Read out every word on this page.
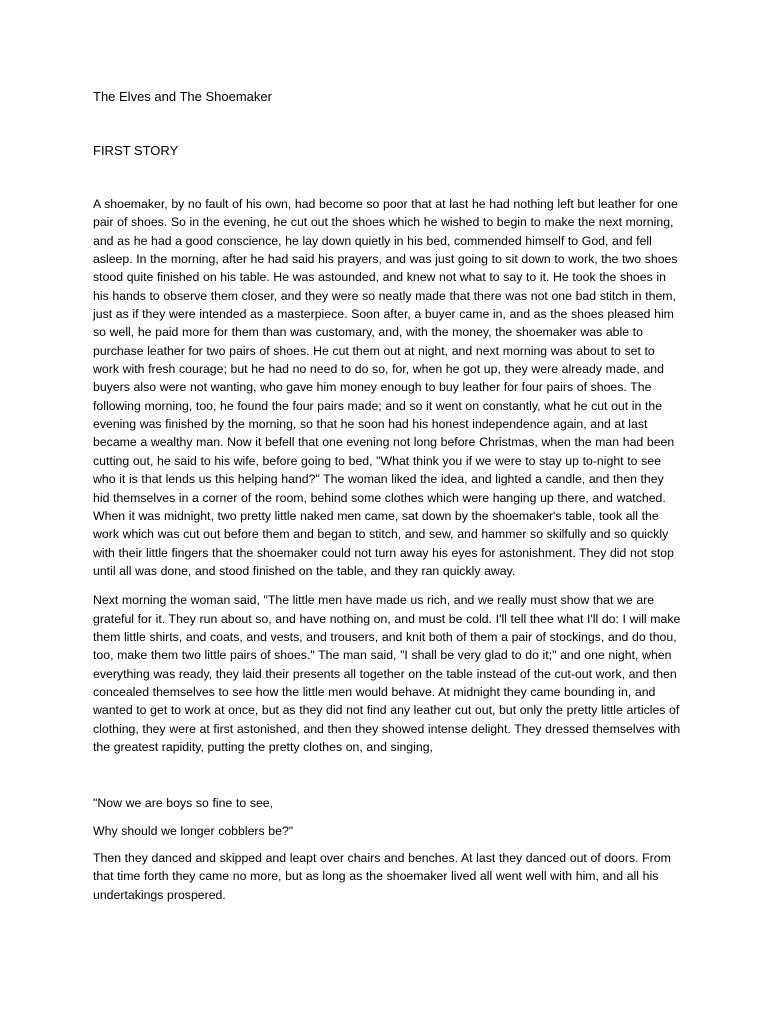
The Elves and The Shoemaker

FIRST STORY

A shoemaker, by no fault of his own, had become so poor that at last he had nothing left but leather for one pair of shoes. So in the evening, he cut out the shoes which he wished to begin to make the next morning, and as he had a good conscience, he lay down quietly in his bed, commended himself to God, and fell asleep. In the morning, after he had said his prayers, and was just going to sit down to work, the two shoes stood quite finished on his table. He was astounded, and knew not what to say to it. He took the shoes in his hands to observe them closer, and they were so neatly made that there was not one bad stitch in them, just as if they were intended as a masterpiece. Soon after, a buyer came in, and as the shoes pleased him so well, he paid more for them than was customary, and, with the money, the shoemaker was able to purchase leather for two pairs of shoes. He cut them out at night, and next morning was about to set to work with fresh courage; but he had no need to do so, for, when he got up, they were already made, and buyers also were not wanting, who gave him money enough to buy leather for four pairs of shoes. The following morning, too, he found the four pairs made; and so it went on constantly, what he cut out in the evening was finished by the morning, so that he soon had his honest independence again, and at last became a wealthy man. Now it befell that one evening not long before Christmas, when the man had been cutting out, he said to his wife, before going to bed, "What think you if we were to stay up to-night to see who it is that lends us this helping hand?" The woman liked the idea, and lighted a candle, and then they hid themselves in a corner of the room, behind some clothes which were hanging up there, and watched. When it was midnight, two pretty little naked men came, sat down by the shoemaker's table, took all the work which was cut out before them and began to stitch, and sew, and hammer so skilfully and so quickly with their little fingers that the shoemaker could not turn away his eyes for astonishment. They did not stop until all was done, and stood finished on the table, and they ran quickly away.

Next morning the woman said, "The little men have made us rich, and we really must show that we are grateful for it. They run about so, and have nothing on, and must be cold. I'll tell thee what I'll do: I will make them little shirts, and coats, and vests, and trousers, and knit both of them a pair of stockings, and do thou, too, make them two little pairs of shoes." The man said, "I shall be very glad to do it;" and one night, when everything was ready, they laid their presents all together on the table instead of the cut-out work, and then concealed themselves to see how the little men would behave. At midnight they came bounding in, and wanted to get to work at once, but as they did not find any leather cut out, but only the pretty little articles of clothing, they were at first astonished, and then they showed intense delight. They dressed themselves with the greatest rapidity, putting the pretty clothes on, and singing,

"Now we are boys so fine to see,

Why should we longer cobblers be?"

Then they danced and skipped and leapt over chairs and benches. At last they danced out of doors. From that time forth they came no more, but as long as the shoemaker lived all went well with him, and all his undertakings prospered.
